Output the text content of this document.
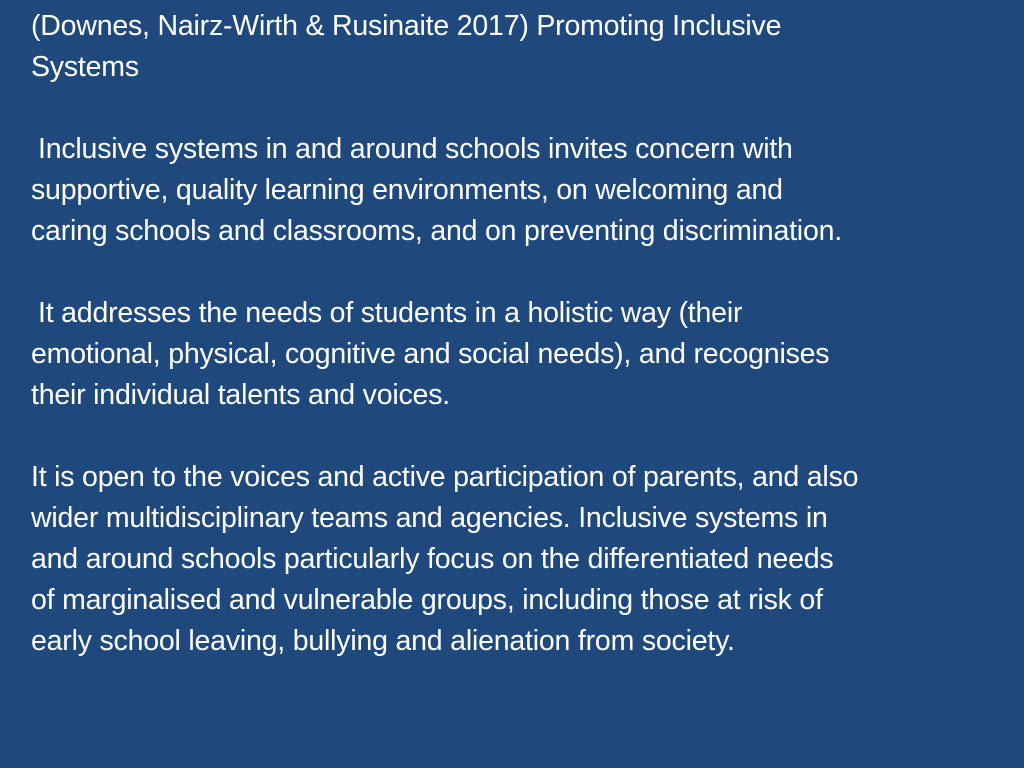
(Downes, Nairz-Wirth & Rusinaite 2017) Promoting Inclusive
Systems
Inclusive systems in and around schools invites concern with
supportive, quality learning environments, on welcoming and
caring schools and classrooms, and on preventing discrimination.
It addresses the needs of students in a holistic way (their
emotional, physical, cognitive and social needs), and recognises
their individual talents and voices.
It is open to the voices and active participation of parents, and also
wider multidisciplinary teams and agencies. Inclusive systems in
and around schools particularly focus on the differentiated needs
of marginalised and vulnerable groups, including those at risk of
early school leaving, bullying and alienation from society.
